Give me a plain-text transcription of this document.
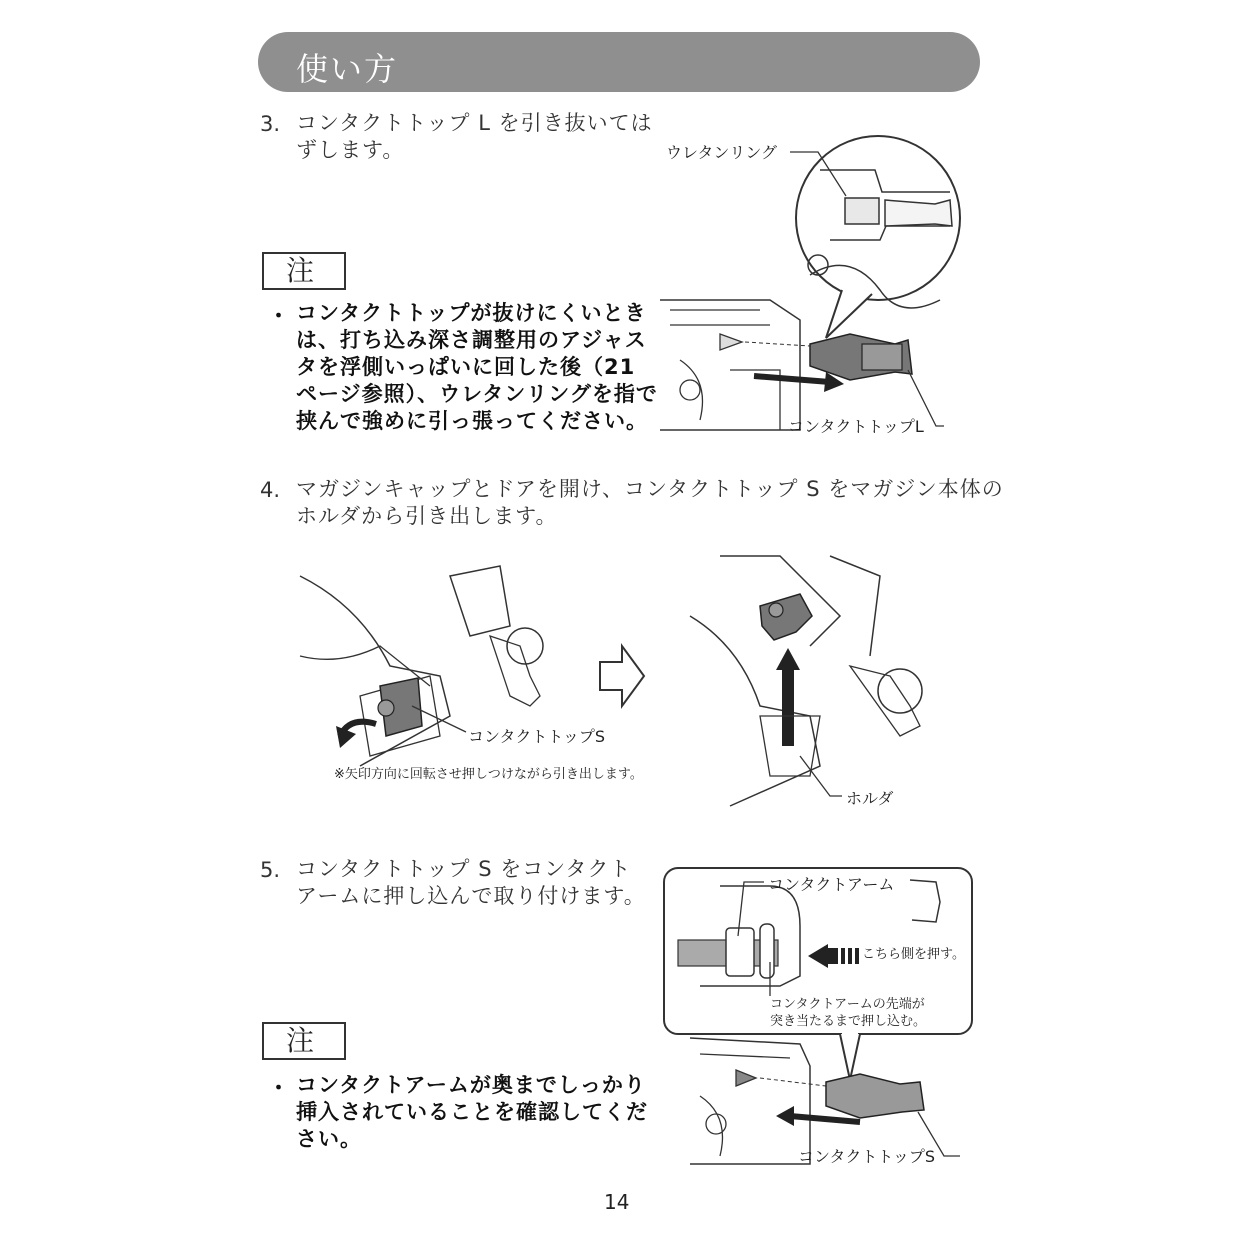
使い方
3. コンタクトトップ L を引き抜いては
ずします。
注
・ コンタクトトップが抜けにくいとき
は、打ち込み深さ調整用のアジャス
タを浮側いっぱいに回した後（21
ページ参照）、ウレタンリングを指で
挟んで強めに引っ張ってください。
ウレタンリング
コンタクトトップL
4. マガジンキャップとドアを開け、コンタクトトップ S をマガジン本体の
ホルダから引き出します。
コンタクトトップS
※矢印方向に回転させ押しつけながら引き出します。
ホルダ
5. コンタクトトップ S をコンタクト
アームに押し込んで取り付けます。
注
・ コンタクトアームが奥までしっかり
挿入されていることを確認してくだ
さい。
コンタクトアーム
こちら側を押す。
コンタクトアームの先端が
突き当たるまで押し込む。
コンタクトトップS
14
